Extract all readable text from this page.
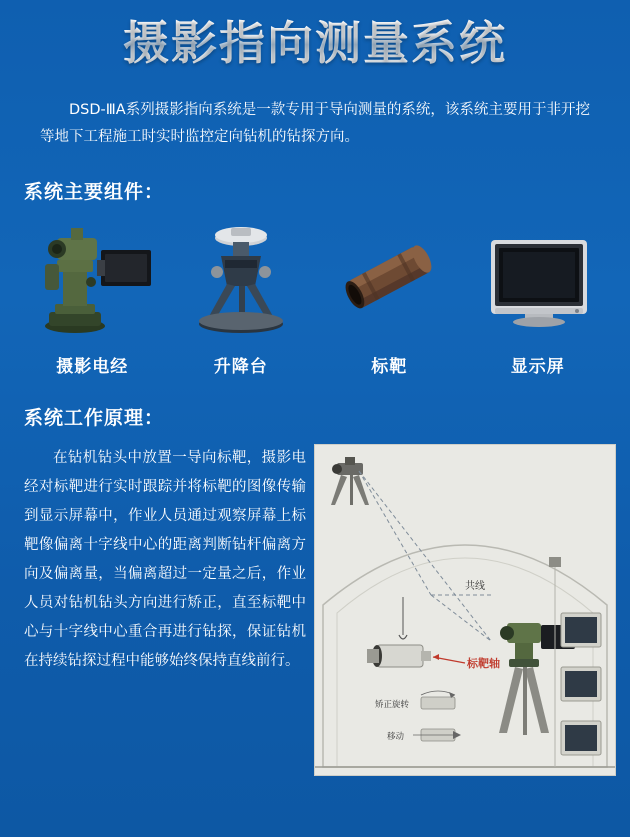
摄影指向测量系统
DSD-ⅢA系列摄影指向系统是一款专用于导向测量的系统，该系统主要用于非开挖等地下工程施工时实时监控定向钻机的钻探方向。
系统主要组件：
摄影电经	升降台	标靶	显示屏
系统工作原理：
在钻机钻头中放置一导向标靶，摄影电经对标靶进行实时跟踪并将标靶的图像传输到显示屏幕中，作业人员通过观察屏幕上标靶像偏离十字线中心的距离判断钻杆偏离方向及偏离量，当偏离超过一定量之后，作业人员对钻机钻头方向进行矫正，直至标靶中心与十字线中心重合再进行钻探，保证钻机在持续钻探过程中能够始终保持直线前行。
共线
标靶轴
矫正旋转
移动
